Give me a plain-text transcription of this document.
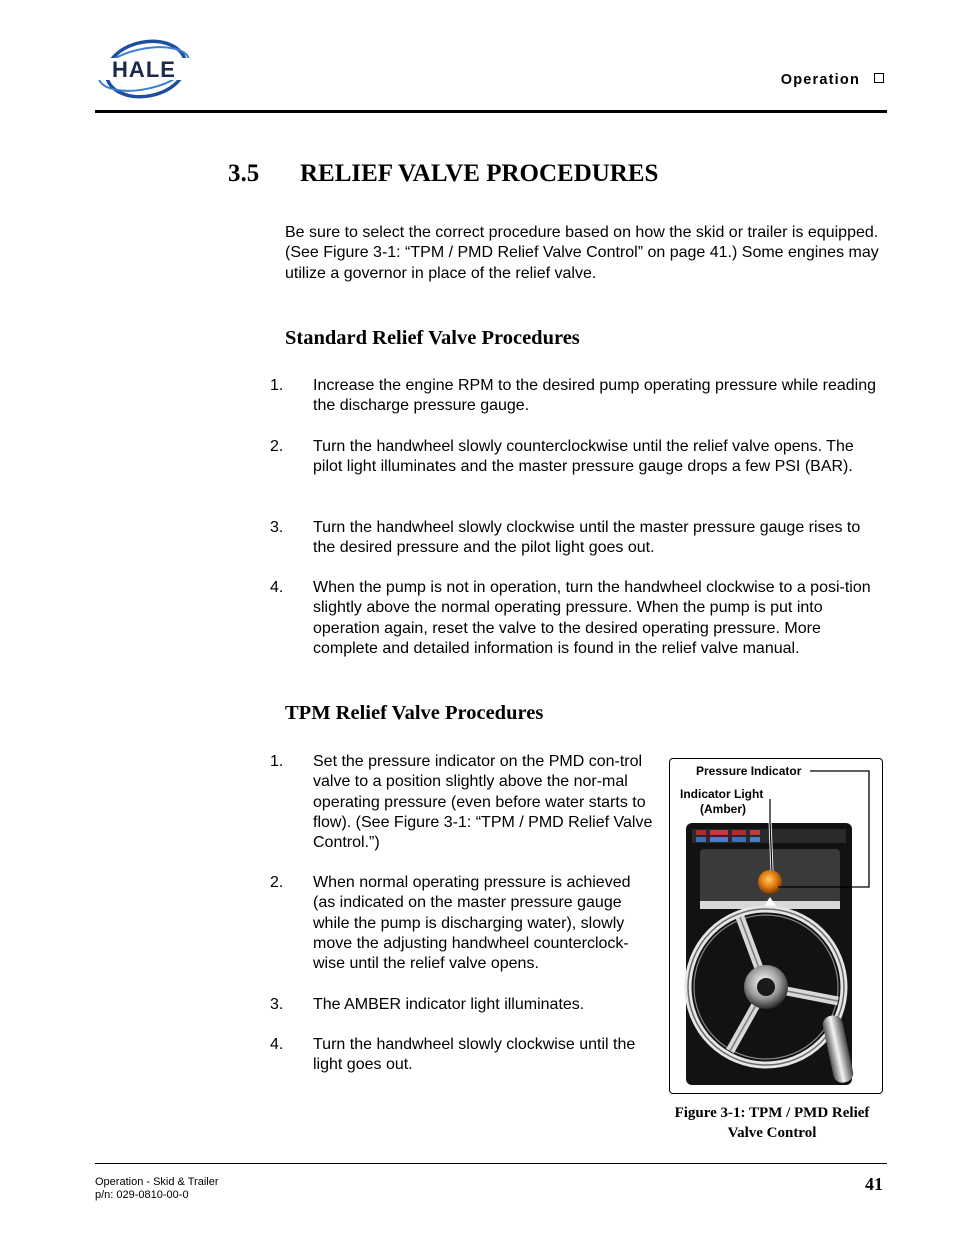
HALE	Operation
3.5 RELIEF VALVE PROCEDURES
Be sure to select the correct procedure based on how the skid or trailer is equipped. (See Figure 3-1: “TPM / PMD Relief Valve Control” on page 41.) Some engines may utilize a governor in place of the relief valve.
Standard Relief Valve Procedures
1. Increase the engine RPM to the desired pump operating pressure while reading the discharge pressure gauge.
2. Turn the handwheel slowly counterclockwise until the relief valve opens. The pilot light illuminates and the master pressure gauge drops a few PSI (BAR).
3. Turn the handwheel slowly clockwise until the master pressure gauge rises to the desired pressure and the pilot light goes out.
4. When the pump is not in operation, turn the handwheel clockwise to a posi-tion slightly above the normal operating pressure. When the pump is put into operation again, reset the valve to the desired operating pressure. More complete and detailed information is found in the relief valve manual.
TPM Relief Valve Procedures
1. Set the pressure indicator on the PMD con-trol valve to a position slightly above the nor-mal operating pressure (even before water starts to flow). (See Figure 3-1: “TPM / PMD Relief Valve Control.”)
2. When normal operating pressure is achieved (as indicated on the master pressure gauge while the pump is discharging water), slowly move the adjusting handwheel counterclock-wise until the relief valve opens.
3. The AMBER indicator light illuminates.
4. Turn the handwheel slowly clockwise until the light goes out.
Pressure Indicator
Indicator Light
(Amber)
Figure 3-1: TPM / PMD Relief
Valve Control
Operation - Skid & Trailer
p/n: 029-0810-00-0
41
